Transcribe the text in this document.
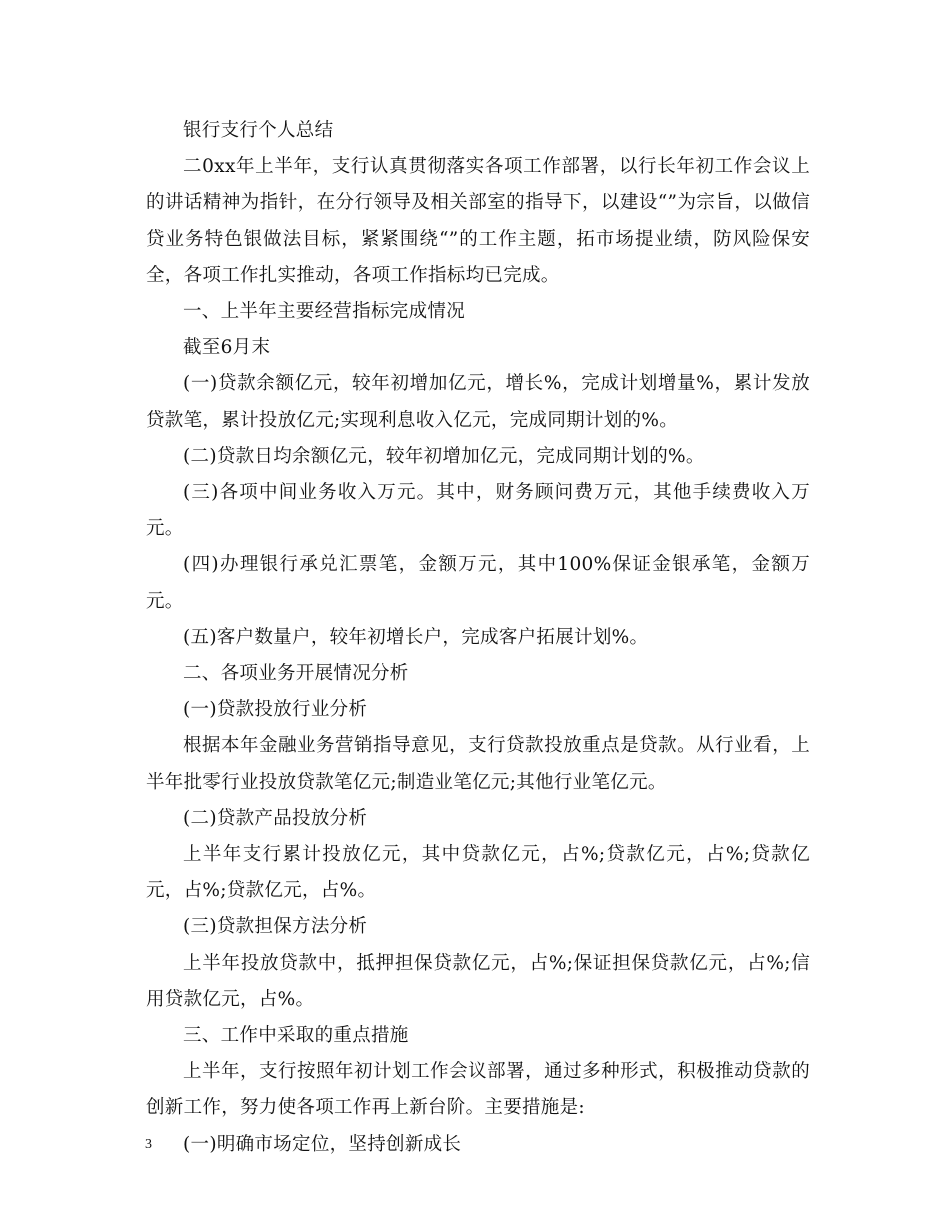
银行支行个人总结

二0xx年上半年，支行认真贯彻落实各项工作部署，以行长年初工作会议上的讲话精神为指针，在分行领导及相关部室的指导下，以建设“”为宗旨，以做信贷业务特色银做法目标，紧紧围绕“”的工作主题，拓市场提业绩，防风险保安全，各项工作扎实推动，各项工作指标均已完成。

一、上半年主要经营指标完成情况

截至6月末

(一)贷款余额亿元，较年初增加亿元，增长%，完成计划增量%，累计发放贷款笔，累计投放亿元;实现利息收入亿元，完成同期计划的%。

(二)贷款日均余额亿元，较年初增加亿元，完成同期计划的%。

(三)各项中间业务收入万元。其中，财务顾问费万元，其他手续费收入万元。

(四)办理银行承兑汇票笔，金额万元，其中100%保证金银承笔，金额万元。

(五)客户数量户，较年初增长户，完成客户拓展计划%。

二、各项业务开展情况分析

(一)贷款投放行业分析

根据本年金融业务营销指导意见，支行贷款投放重点是贷款。从行业看，上半年批零行业投放贷款笔亿元;制造业笔亿元;其他行业笔亿元。

(二)贷款产品投放分析

上半年支行累计投放亿元，其中贷款亿元，占%;贷款亿元，占%;贷款亿元，占%;贷款亿元，占%。

(三)贷款担保方法分析

上半年投放贷款中，抵押担保贷款亿元，占%;保证担保贷款亿元，占%;信用贷款亿元，占%。

三、工作中采取的重点措施

上半年，支行按照年初计划工作会议部署，通过多种形式，积极推动贷款的创新工作，努力使各项工作再上新台阶。主要措施是:

(一)明确市场定位，坚持创新成长

3
